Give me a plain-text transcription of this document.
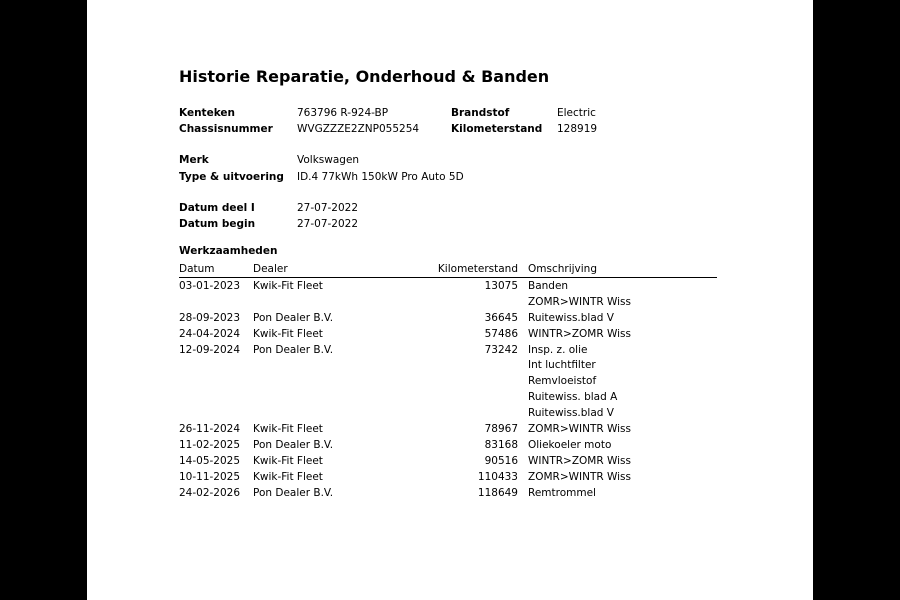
Historie Reparatie, Onderhoud & Banden
Kenteken	763796 R-924-BP	Brandstof	Electric
Chassisnummer WVGZZZE2ZNP055254	Kilometerstand 128919
Merk	Volkswagen
Type & uitvoering ID.4 77kWh 150kW Pro Auto 5D
Datum deel I	27-07-2022
Datum begin	27-07-2022
Werkzaamheden
Datum	Dealer	Kilometerstand Omschrijving
03-01-2023 Kwik-Fit Fleet	13075 Banden
ZOMR>WINTR Wiss
28-09-2023 Pon Dealer B.V.	36645 Ruitewiss.blad V
24-04-2024 Kwik-Fit Fleet	57486 WINTR>ZOMR Wiss
12-09-2024 Pon Dealer B.V.	73242 Insp. z. olie
Int luchtfilter
Remvloeistof
Ruitewiss. blad A
Ruitewiss.blad V
26-11-2024 Kwik-Fit Fleet	78967 ZOMR>WINTR Wiss
11-02-2025 Pon Dealer B.V.	83168 Oliekoeler moto
14-05-2025 Kwik-Fit Fleet	90516 WINTR>ZOMR Wiss
10-11-2025 Kwik-Fit Fleet	110433 ZOMR>WINTR Wiss
24-02-2026 Pon Dealer B.V.	118649 Remtrommel
